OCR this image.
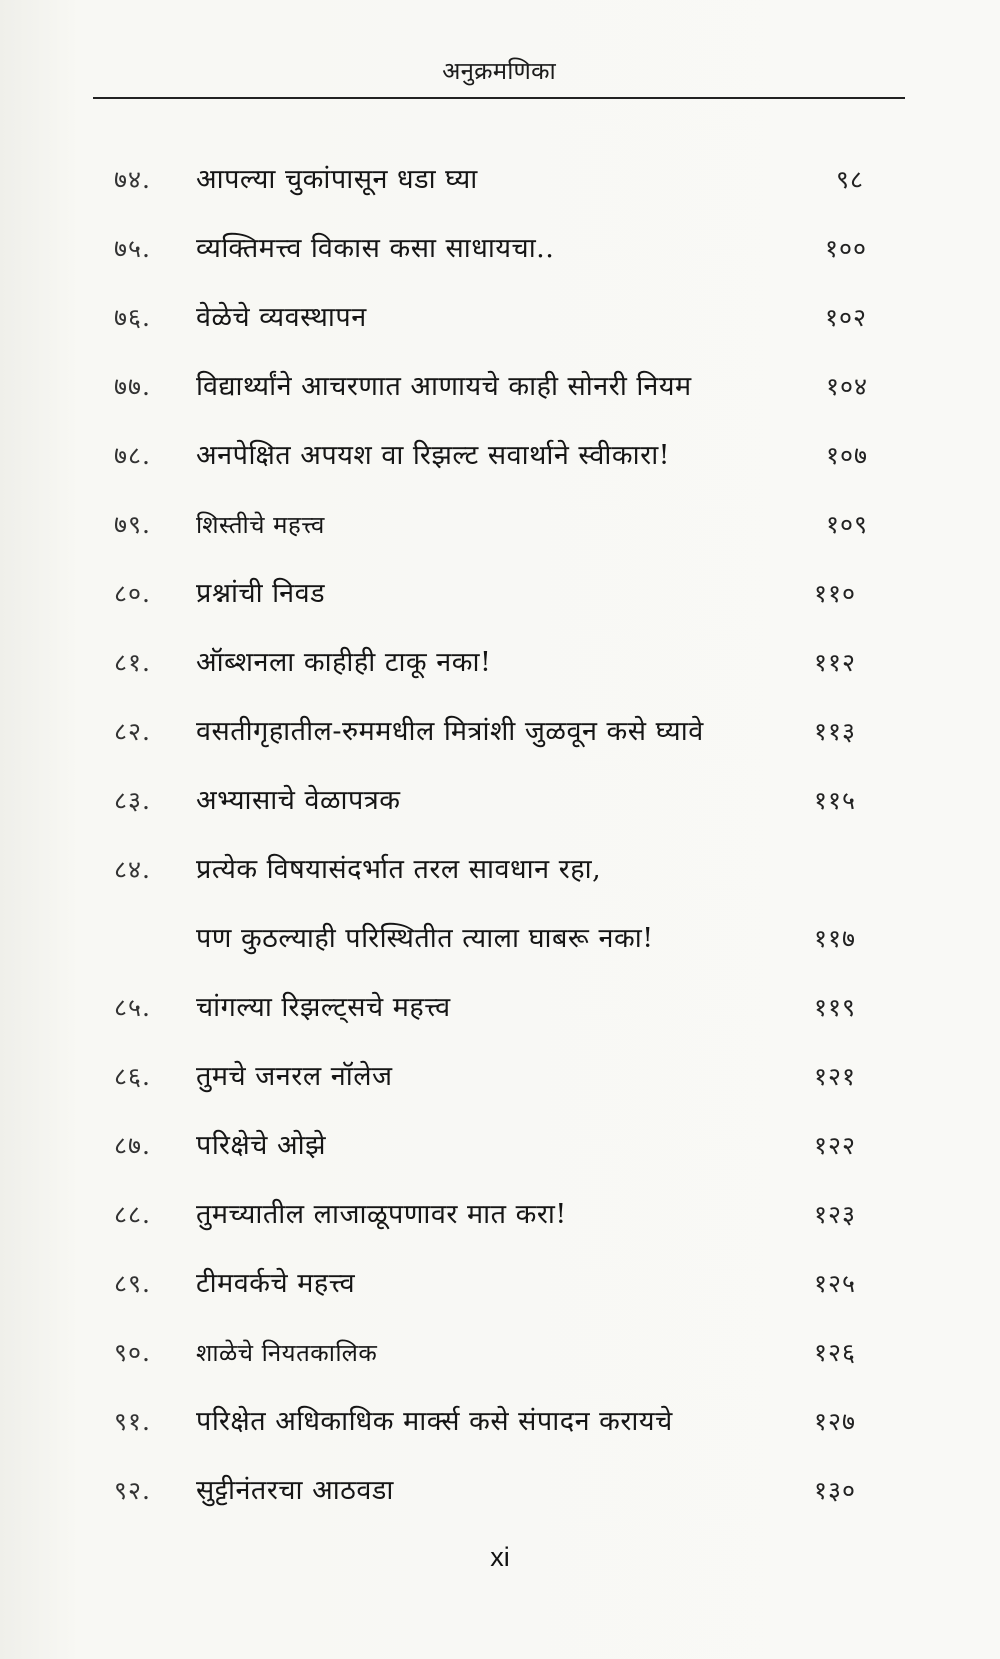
अनुक्रमणिका
७४.	आपल्या चुकांपासून धडा घ्या	९८
७५.	व्यक्तिमत्त्व विकास कसा साधायचा..	१००
७६.	वेळेचे व्यवस्थापन	१०२
७७.	विद्यार्थ्यांने आचरणात आणायचे काही सोनरी नियम	१०४
७८.	अनपेक्षित अपयश वा रिझल्ट सवार्थाने स्वीकारा!	१०७
७९.	शिस्तीचे महत्त्व	१०९
८०.	प्रश्नांची निवड	११०
८१.	ऑब्शनला काहीही टाकू नका!	११२
८२.	वसतीगृहातील-रुममधील मित्रांशी जुळवून कसे घ्यावे	११३
८३.	अभ्यासाचे वेळापत्रक	११५
८४.	प्रत्येक विषयासंदर्भात तरल सावधान रहा,
पण कुठल्याही परिस्थितीत त्याला घाबरू नका!	११७
८५.	चांगल्या रिझल्ट्सचे महत्त्व	११९
८६.	तुमचे जनरल नॉलेज	१२१
८७.	परिक्षेचे ओझे	१२२
८८.	तुमच्यातील लाजाळूपणावर मात करा!	१२३
८९.	टीमवर्कचे महत्त्व	१२५
९०.	शाळेचे नियतकालिक	१२६
९१.	परिक्षेत अधिकाधिक मार्क्स कसे संपादन करायचे	१२७
९२.	सुट्टीनंतरचा आठवडा	१३०
xi
